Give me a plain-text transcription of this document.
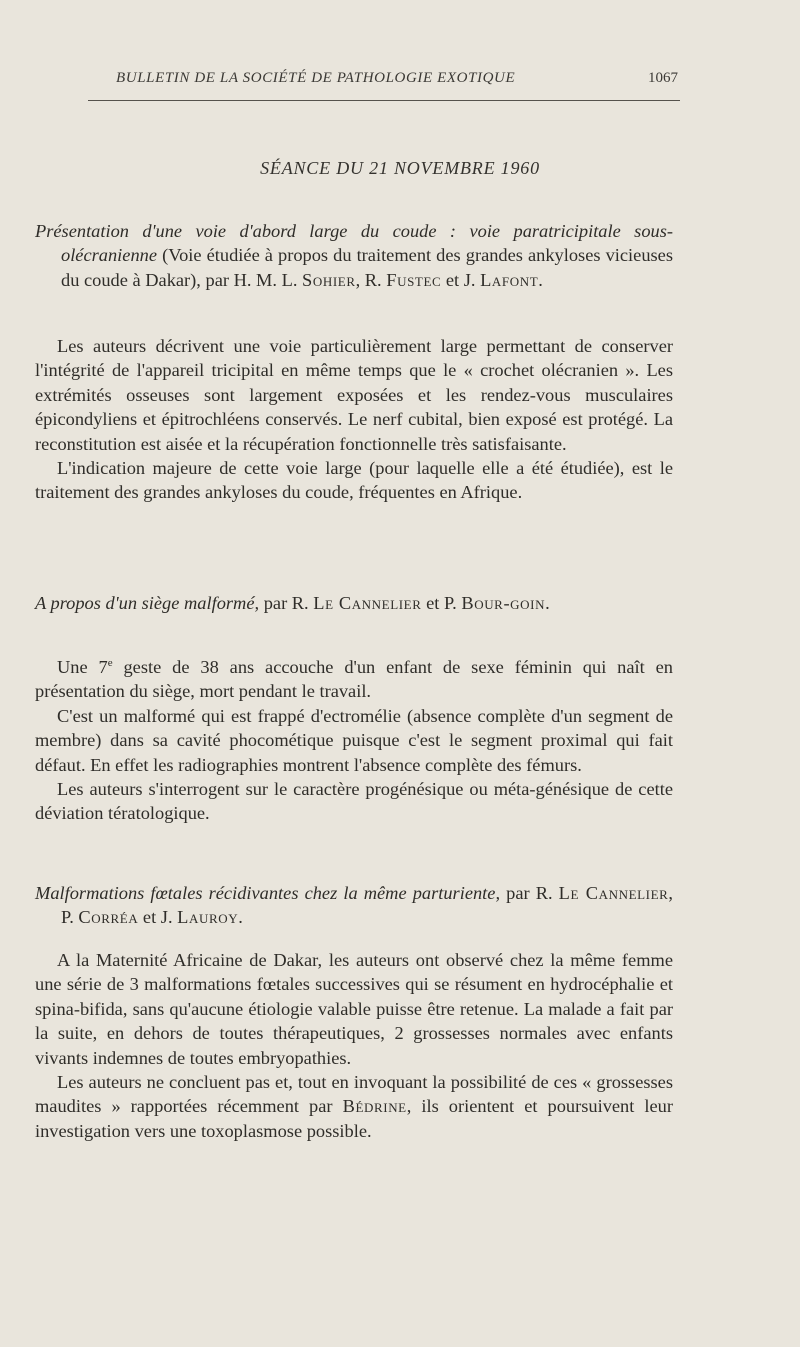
BULLETIN DE LA SOCIÉTÉ DE PATHOLOGIE EXOTIQUE	1067
SÉANCE DU 21 NOVEMBRE 1960
Présentation d'une voie d'abord large du coude : voie paratricipitale sous-olécranienne (Voie étudiée à propos du traitement des grandes ankyloses vicieuses du coude à Dakar), par H. M. L. Sohier, R. Fustec et J. Lafont.

Les auteurs décrivent une voie particulièrement large permettant de conserver l'intégrité de l'appareil tricipital en même temps que le « crochet olécranien ». Les extrémités osseuses sont largement exposées et les rendez-vous musculaires épicondyliens et épitrochléens conservés. Le nerf cubital, bien exposé est protégé. La reconstitution est aisée et la récupération fonctionnelle très satisfaisante.

L'indication majeure de cette voie large (pour laquelle elle a été étudiée), est le traitement des grandes ankyloses du coude, fréquentes en Afrique.

A propos d'un siège malformé, par R. Le Cannelier et P. Bour-goin.

Une 7e geste de 38 ans accouche d'un enfant de sexe féminin qui naît en présentation du siège, mort pendant le travail.

C'est un malformé qui est frappé d'ectromélie (absence complète d'un segment de membre) dans sa cavité phocométique puisque c'est le segment proximal qui fait défaut. En effet les radiographies montrent l'absence complète des fémurs.

Les auteurs s'interrogent sur le caractère progénésique ou méta-génésique de cette déviation tératologique.

Malformations fœtales récidivantes chez la même parturiente, par R. Le Cannelier, P. Corréa et J. Lauroy.

A la Maternité Africaine de Dakar, les auteurs ont observé chez la même femme une série de 3 malformations fœtales successives qui se résument en hydrocéphalie et spina-bifida, sans qu'aucune étiologie valable puisse être retenue. La malade a fait par la suite, en dehors de toutes thérapeutiques, 2 grossesses normales avec enfants vivants indemnes de toutes embryopathies.

Les auteurs ne concluent pas et, tout en invoquant la possibilité de ces « grossesses maudites » rapportées récemment par Bédrine, ils orientent et poursuivent leur investigation vers une toxoplasmose possible.
